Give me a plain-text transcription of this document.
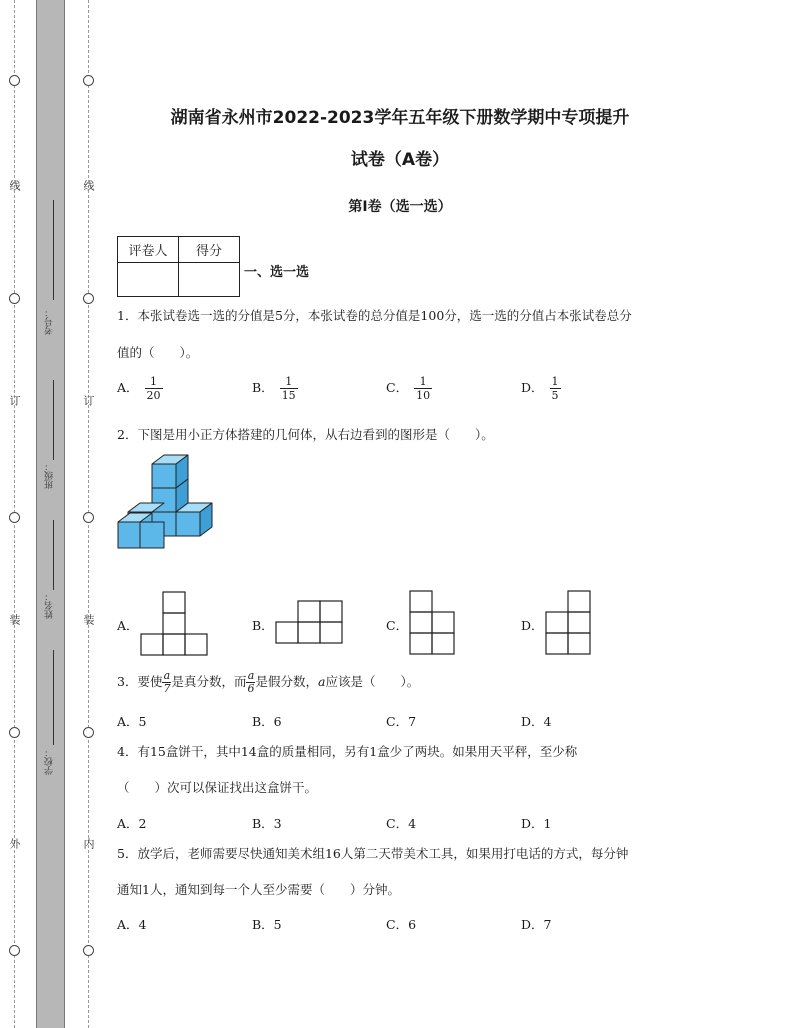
线
订
装
外
线
订
装
内
考号：
班级：
姓名：
学校：
湖南省永州市2022-2023学年五年级下册数学期中专项提升
试卷（A卷）
第I卷（选一选）
评卷人	得分

一、选一选
1．本张试卷选一选的分值是5分，本张试卷的总分值是100分，选一选的分值占本张试卷总分
值的（　　）。
A． $\frac{1}{20}$	B． $\frac{1}{15}$	C． $\frac{1}{10}$	D． $\frac{1}{5}$
2．下图是用小正方体搭建的几何体，从右边看到的图形是（　　）。
A．	B．	C．	D．
3．要使 $\frac{a}{7}$ 是真分数，而 $\frac{a}{6}$ 是假分数，a应该是（　　）。
A．5	B．6	C．7	D．4
4．有15盒饼干，其中14盒的质量相同，另有1盒少了两块。如果用天平秤，至少称
（　　）次可以保证找出这盒饼干。
A．2	B．3	C．4	D．1
5．放学后，老师需要尽快通知美术组16人第二天带美术工具，如果用打电话的方式，每分钟
通知1人，通知到每一个人至少需要（　　）分钟。
A．4	B．5	C．6	D．7
